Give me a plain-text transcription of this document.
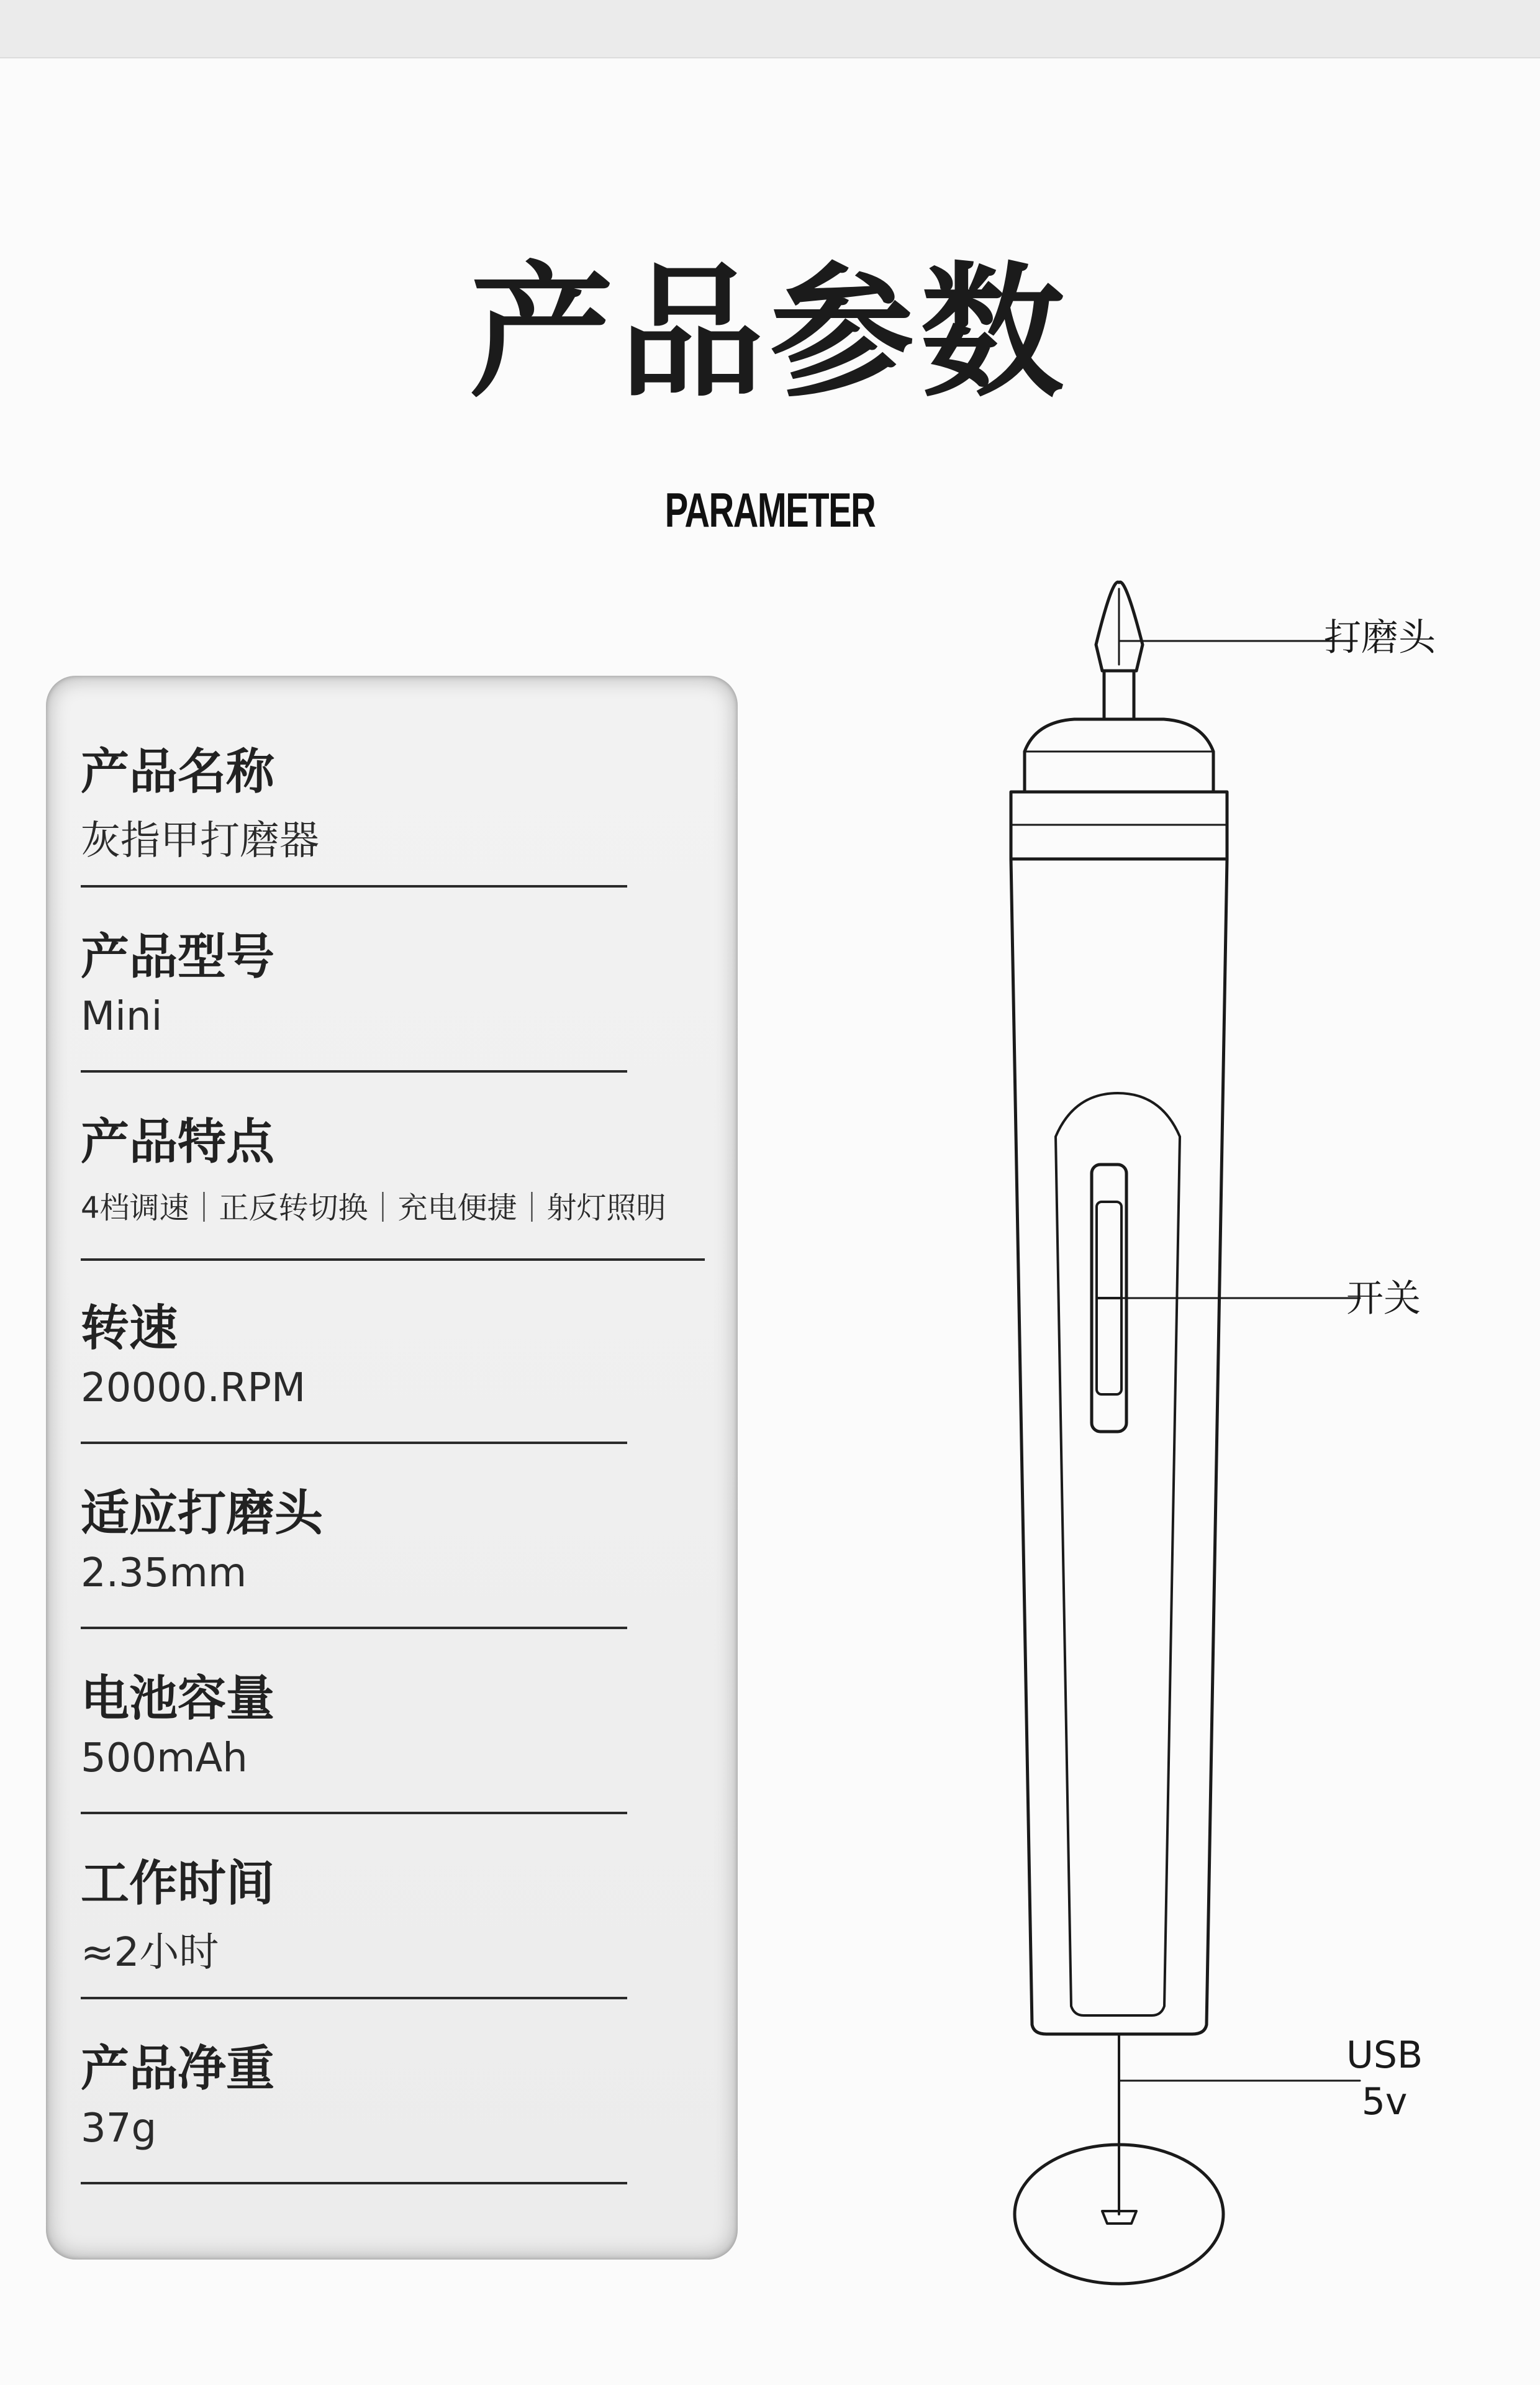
产品参数
PARAMETER
产品名称
灰指甲打磨器
产品型号
Mini
产品特点
4档调速｜正反转切换｜充电便捷｜射灯照明
转速
20000.RPM
适应打磨头
2.35mm
电池容量
500mAh
工作时间
≈2小时
产品净重
37g
打磨头
开关
USB
5v
